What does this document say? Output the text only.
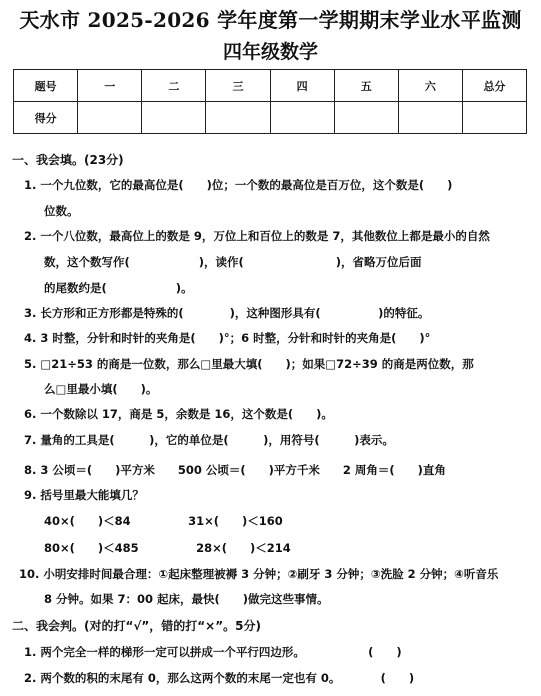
天水市 2025-2026 学年度第一学期期末学业水平监测
四年级数学
题号	一	二	三	四	五	六	总分
得分							
一、我会填。(23分)
1. 一个九位数，它的最高位是(　　)位；一个数的最高位是百万位，这个数是(　　)
位数。
2. 一个八位数，最高位上的数是 9，万位上和百位上的数是 7，其他数位上都是最小的自然
数，这个数写作(　　　　　　)，读作(　　　　　　　　)，省略万位后面
的尾数约是(　　　　　　)。
3. 长方形和正方形都是特殊的(　　　　)，这种图形具有(　　　　　)的特征。
4. 3 时整，分针和时针的夹角是(　　)°；6 时整，分针和时针的夹角是(　　)°
5. □21÷53 的商是一位数，那么□里最大填(　　)；如果□72÷39 的商是两位数，那
么□里最小填(　　)。
6. 一个数除以 17，商是 5，余数是 16，这个数是(　　)。
7. 量角的工具是(　　　)，它的单位是(　　　)，用符号(　　　)表示。
8. 3 公顷＝(　　)平方米　　500 公顷＝(　　)平方千米　　2 周角＝(　　)直角
9. 括号里最大能填几？
40×(　　)＜84　　　　　31×(　　)＜160
80×(　　)＜485　　　　　28×(　　)＜214
10. 小明安排时间最合理：①起床整理被褥 3 分钟；②刷牙 3 分钟；③洗脸 2 分钟；④听音乐
8 分钟。如果 7：00 起床，最快(　　)做完这些事情。
二、我会判。(对的打“√”，错的打“×”。5分)
1. 两个完全一样的梯形一定可以拼成一个平行四边形。　　　　　　(　　)
2. 两个数的积的末尾有 0，那么这两个数的末尾一定也有 0。　　　　(　　)
